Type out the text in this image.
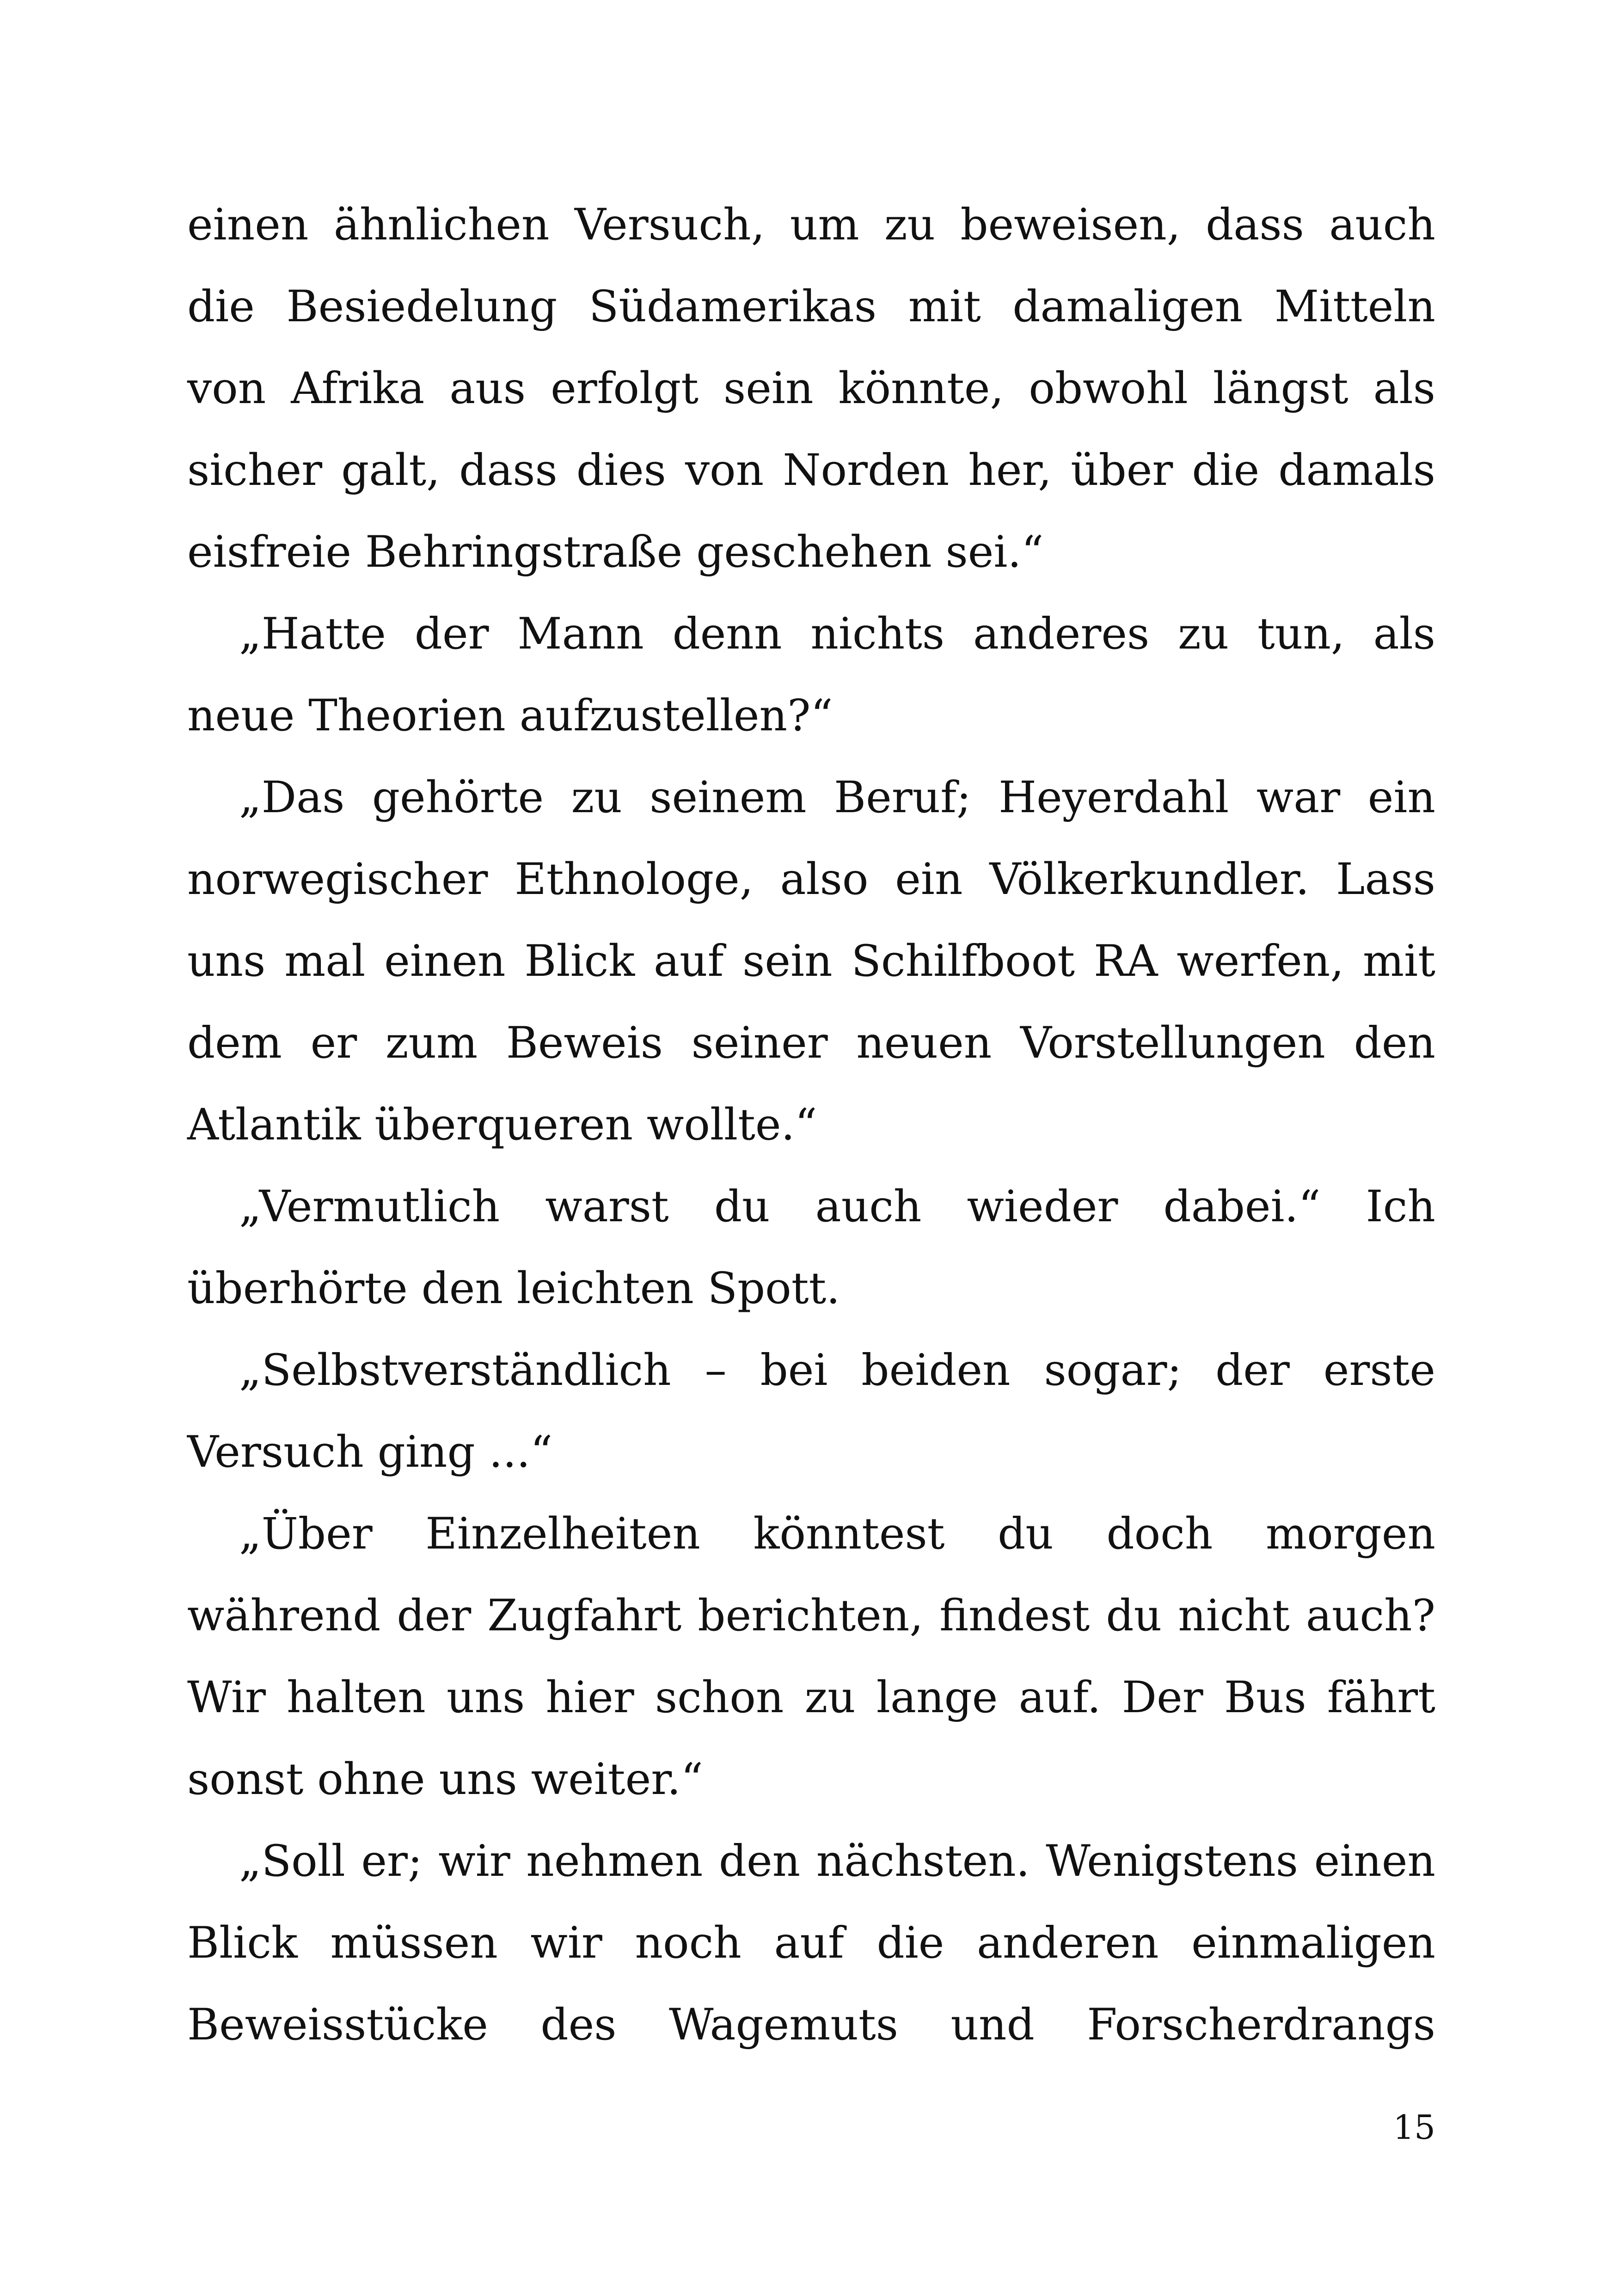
einen ähnlichen Versuch, um zu beweisen, dass auch die Besiedelung Südamerikas mit damaligen Mitteln von Afrika aus erfolgt sein könnte, obwohl längst als sicher galt, dass dies von Norden her, über die damals eisfreie Behringstraße geschehen sei.“

„Hatte der Mann denn nichts anderes zu tun, als neue Theorien aufzustellen?“

„Das gehörte zu seinem Beruf; Heyerdahl war ein norwegischer Ethnologe, also ein Völkerkundler. Lass uns mal einen Blick auf sein Schilfboot RA werfen, mit dem er zum Beweis seiner neuen Vorstellungen den Atlantik überqueren wollte.“

„Vermutlich warst du auch wieder dabei.“ Ich überhörte den leichten Spott.

„Selbstverständlich – bei beiden sogar; der erste Versuch ging ...“

„Über Einzelheiten könntest du doch morgen während der Zugfahrt berichten, findest du nicht auch? Wir halten uns hier schon zu lange auf. Der Bus fährt sonst ohne uns weiter.“

„Soll er; wir nehmen den nächsten. Wenigstens einen Blick müssen wir noch auf die anderen einmaligen Beweisstücke des Wagemuts und Forscherdrangs

15
